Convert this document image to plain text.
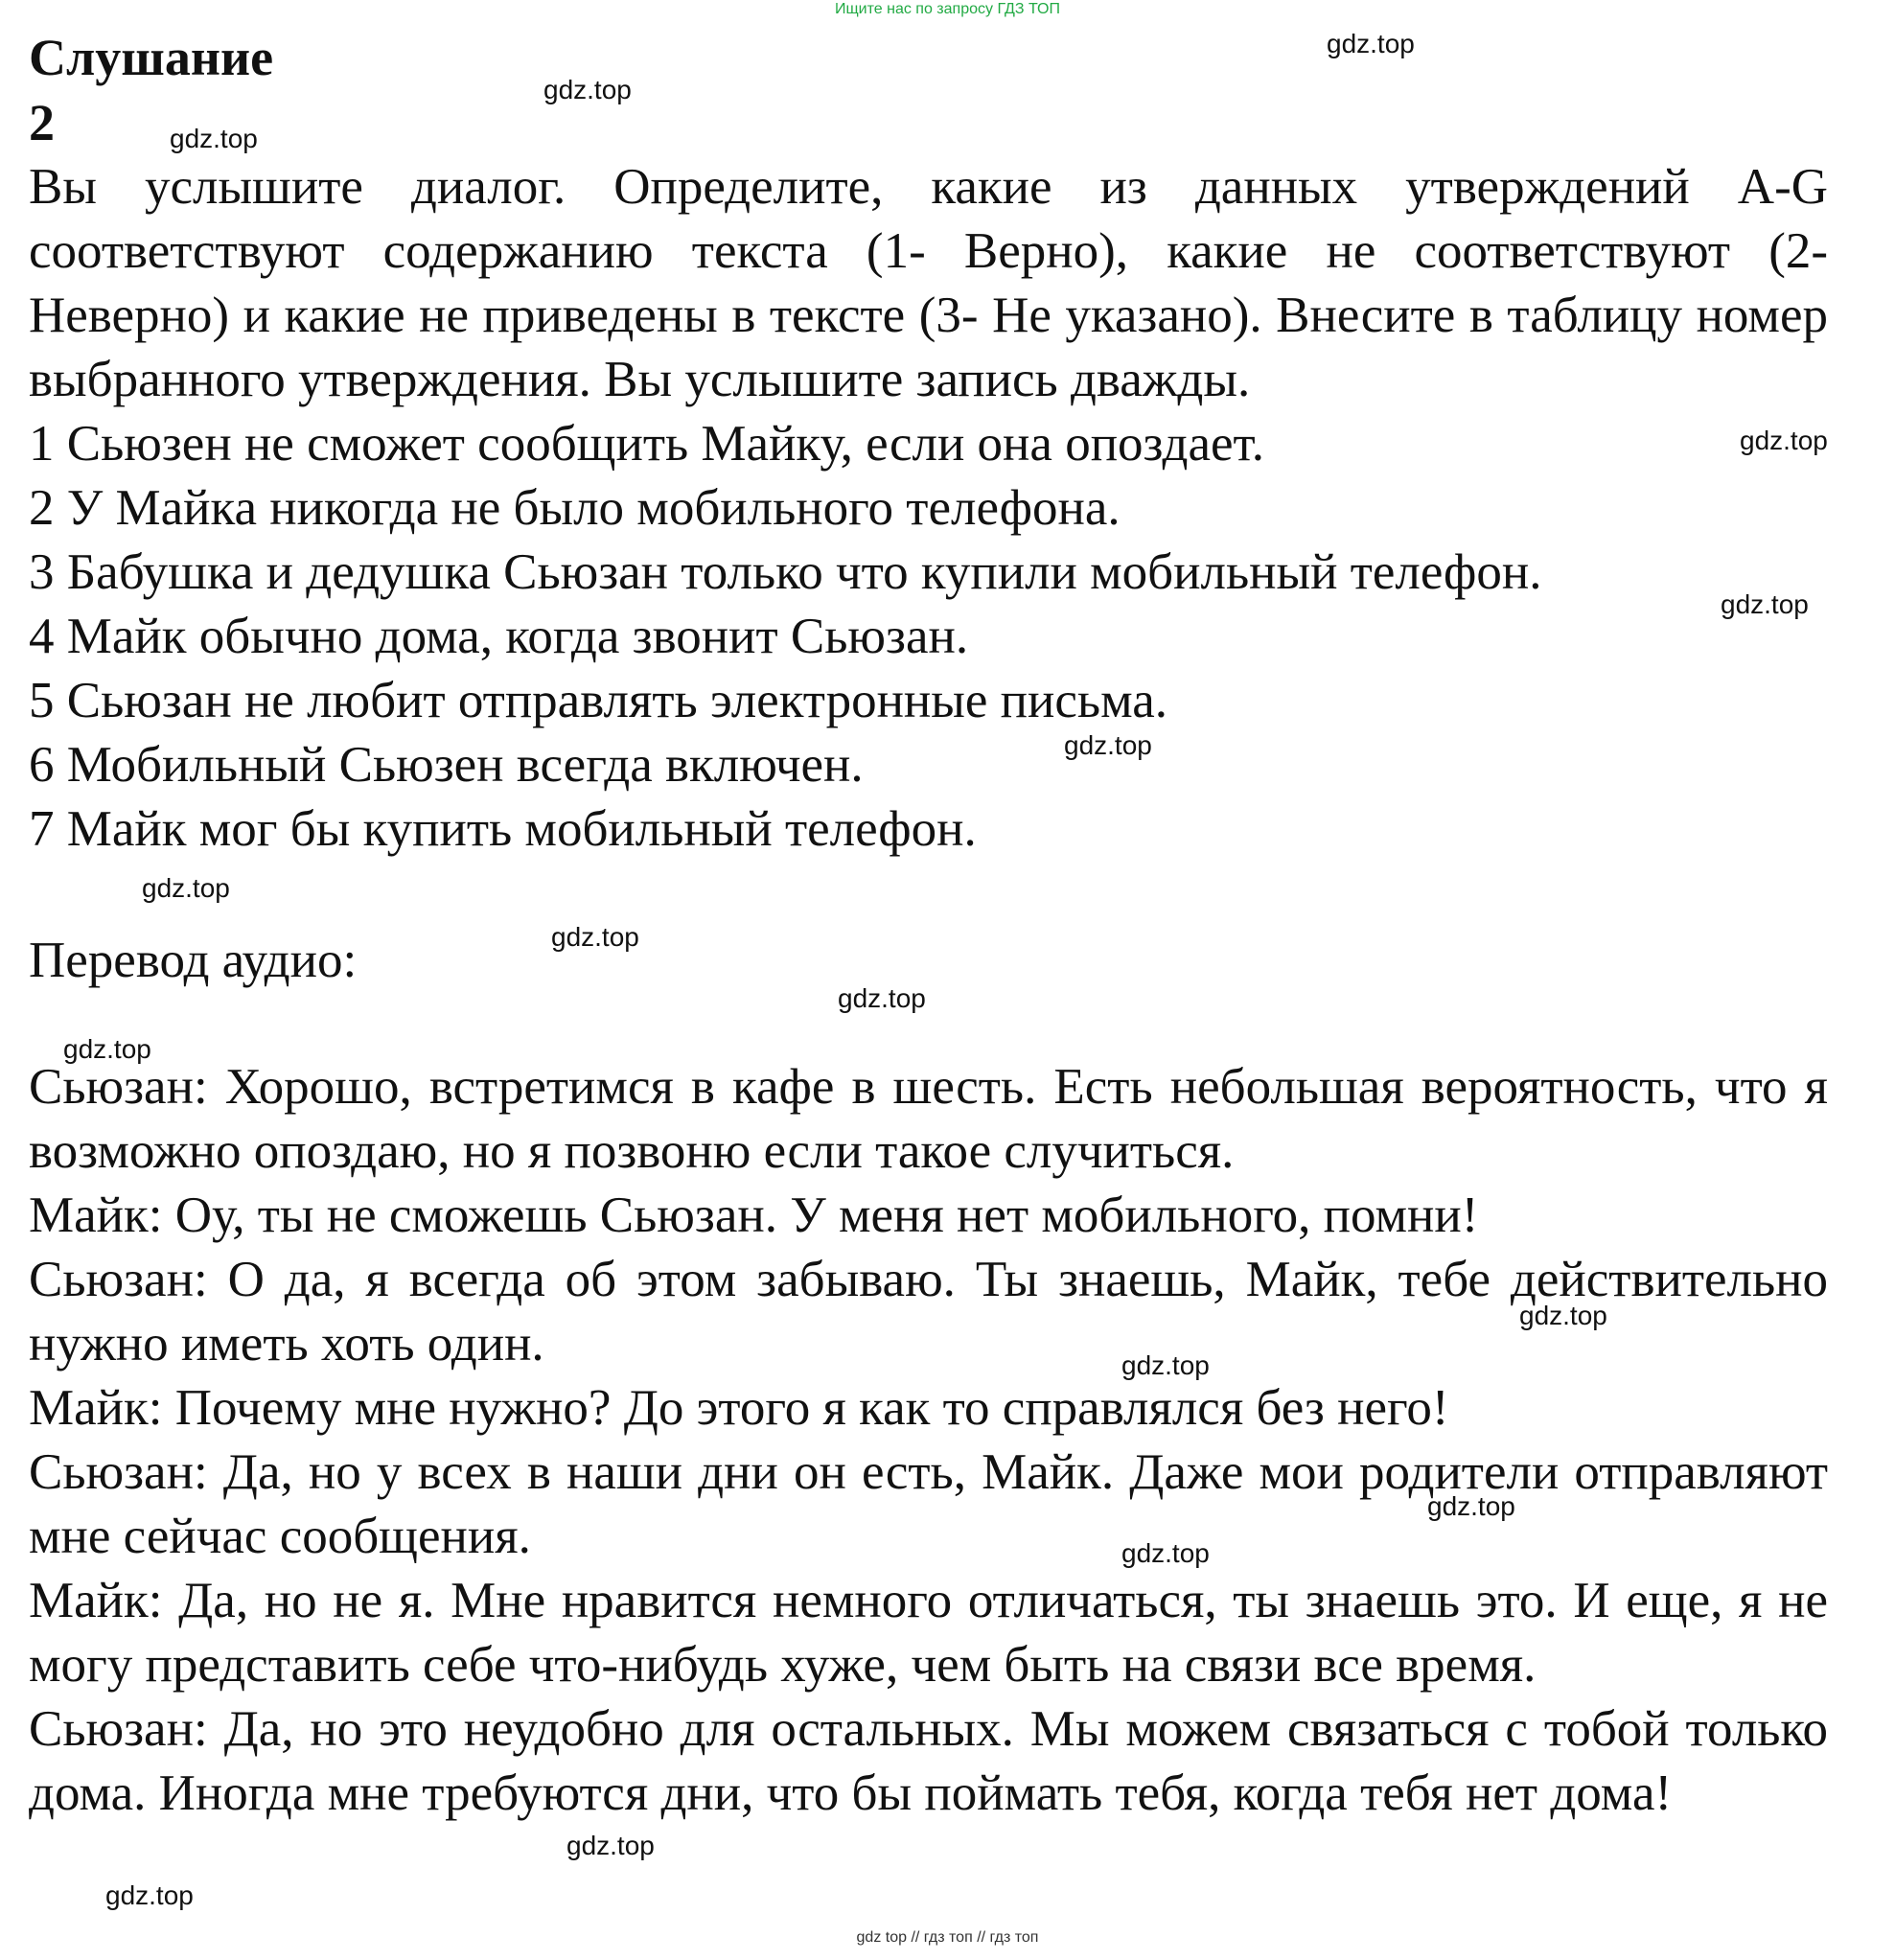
Ищите нас по запросу ГДЗ ТОП
Слушание
2
Вы услышите диалог. Определите, какие из данных утверждений A-G соответствуют содержанию текста (1- Верно), какие не соответствуют (2- Неверно) и какие не приведены в тексте (3- Не указано). Внесите в таблицу номер выбранного утверждения. Вы услышите запись дважды.
1 Сьюзен не сможет сообщить Майку, если она опоздает.
2 У Майка никогда не было мобильного телефона.
3 Бабушка и дедушка Сьюзан только что купили мобильный телефон.
4 Майк обычно дома, когда звонит Сьюзан.
5 Сьюзан не любит отправлять электронные письма.
6 Мобильный Сьюзен всегда включен.
7 Майк мог бы купить мобильный телефон.
Перевод аудио:
Сьюзан: Хорошо, встретимся в кафе в шесть. Есть небольшая вероятность, что я возможно опоздаю, но я позвоню если такое случиться.
Майк: Оу, ты не сможешь Сьюзан. У меня нет мобильного, помни!
Сьюзан: О да, я всегда об этом забываю. Ты знаешь, Майк, тебе действительно нужно иметь хоть один.
Майк: Почему мне нужно? До этого я как то справлялся без него!
Сьюзан: Да, но у всех в наши дни он есть, Майк. Даже мои родители отправляют мне сейчас сообщения.
Майк: Да, но не я. Мне нравится немного отличаться, ты знаешь это. И еще, я не могу представить себе что-нибудь хуже, чем быть на связи все время.
Сьюзан: Да, но это неудобно для остальных. Мы можем связаться с тобой только дома. Иногда мне требуются дни, что бы поймать тебя, когда тебя нет дома!
gdz.top
gdz.top
gdz.top
gdz.top
gdz.top
gdz.top
gdz.top
gdz.top
gdz.top
gdz.top
gdz.top
gdz.top
gdz.top
gdz.top
gdz.top
gdz.top
gdz top // гдз топ // гдз топ
